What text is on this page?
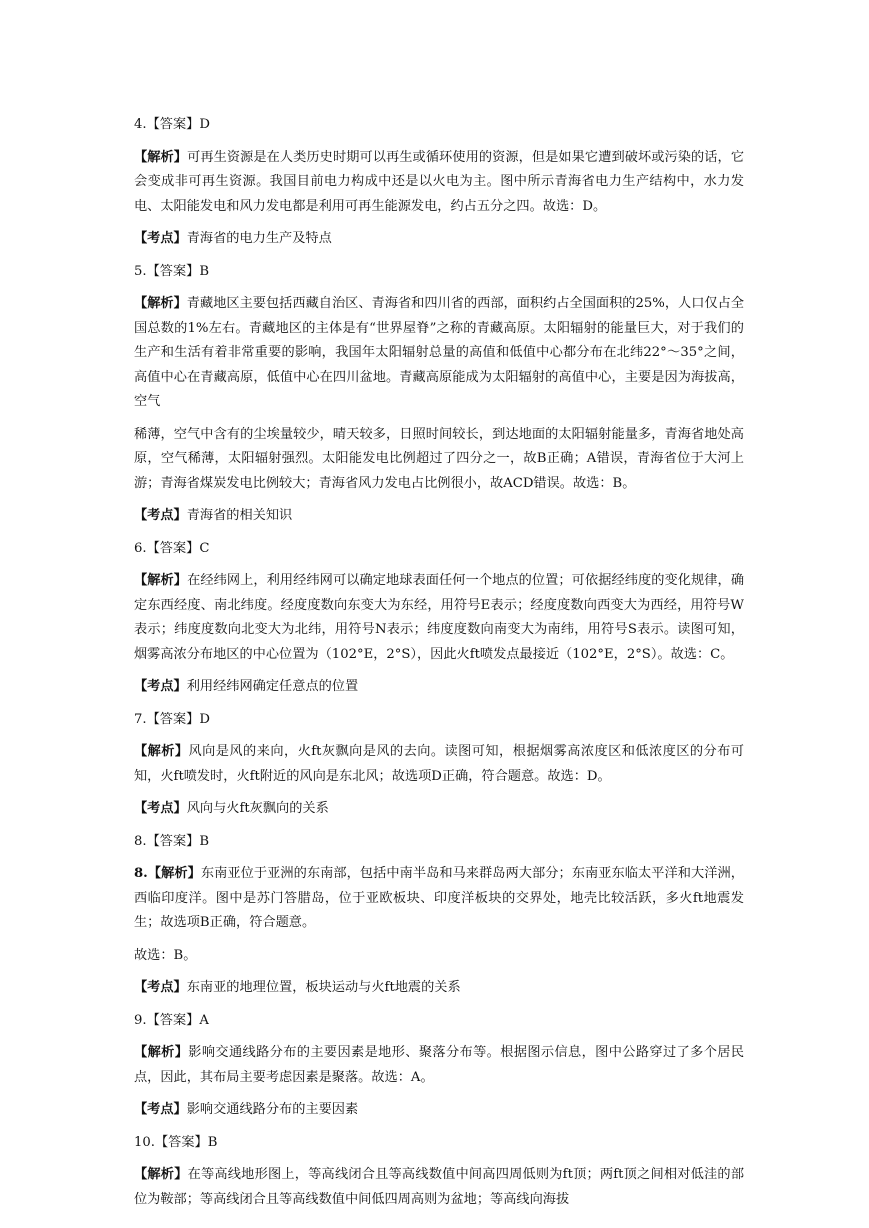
4.【答案】D

【解析】可再生资源是在人类历史时期可以再生或循环使用的资源，但是如果它遭到破坏或污染的话，它会变成非可再生资源。我国目前电力构成中还是以火电为主。图中所示青海省电力生产结构中，水力发电、太阳能发电和风力发电都是利用可再生能源发电，约占五分之四。故选：D。

【考点】青海省的电力生产及特点

5.【答案】B

【解析】青藏地区主要包括西藏自治区、青海省和四川省的西部，面积约占全国面积的25%，人口仅占全国总数的1%左右。青藏地区的主体是有“世界屋脊”之称的青藏高原。太阳辐射的能量巨大，对于我们的生产和生活有着非常重要的影响，我国年太阳辐射总量的高值和低值中心都分布在北纬22°～35°之间，高值中心在青藏高原，低值中心在四川盆地。青藏高原能成为太阳辐射的高值中心，主要是因为海拔高，空气

稀薄，空气中含有的尘埃量较少，晴天较多，日照时间较长，到达地面的太阳辐射能量多，青海省地处高原，空气稀薄，太阳辐射强烈。太阳能发电比例超过了四分之一，故B正确；A错误，青海省位于大河上游；青海省煤炭发电比例较大；青海省风力发电占比例很小，故ACD错误。故选：B。

【考点】青海省的相关知识

6.【答案】C

【解析】在经纬网上，利用经纬网可以确定地球表面任何一个地点的位置；可依据经纬度的变化规律，确定东西经度、南北纬度。经度度数向东变大为东经，用符号E表示；经度度数向西变大为西经，用符号W表示；纬度度数向北变大为北纬，用符号N表示；纬度度数向南变大为南纬，用符号S表示。读图可知，烟雾高浓分布地区的中心位置为（102°E，2°S），因此火ft喷发点最接近（102°E，2°S）。故选：C。

【考点】利用经纬网确定任意点的位置

7.【答案】D

【解析】风向是风的来向，火ft灰飘向是风的去向。读图可知，根据烟雾高浓度区和低浓度区的分布可知，火ft喷发时，火ft附近的风向是东北风；故选项D正确，符合题意。故选：D。

【考点】风向与火ft灰飘向的关系

8.【答案】B

8.【解析】东南亚位于亚洲的东南部，包括中南半岛和马来群岛两大部分；东南亚东临太平洋和大洋洲，西临印度洋。图中是苏门答腊岛，位于亚欧板块、印度洋板块的交界处，地壳比较活跃，多火ft地震发生；故选项B正确，符合题意。

故选：B。

【考点】东南亚的地理位置，板块运动与火ft地震的关系

9.【答案】A

【解析】影响交通线路分布的主要因素是地形、聚落分布等。根据图示信息，图中公路穿过了多个居民点，因此，其布局主要考虑因素是聚落。故选：A。

【考点】影响交通线路分布的主要因素

10.【答案】B

【解析】在等高线地形图上，等高线闭合且等高线数值中间高四周低则为ft顶；两ft顶之间相对低洼的部位为鞍部；等高线闭合且等高线数值中间低四周高则为盆地；等高线向海拔
